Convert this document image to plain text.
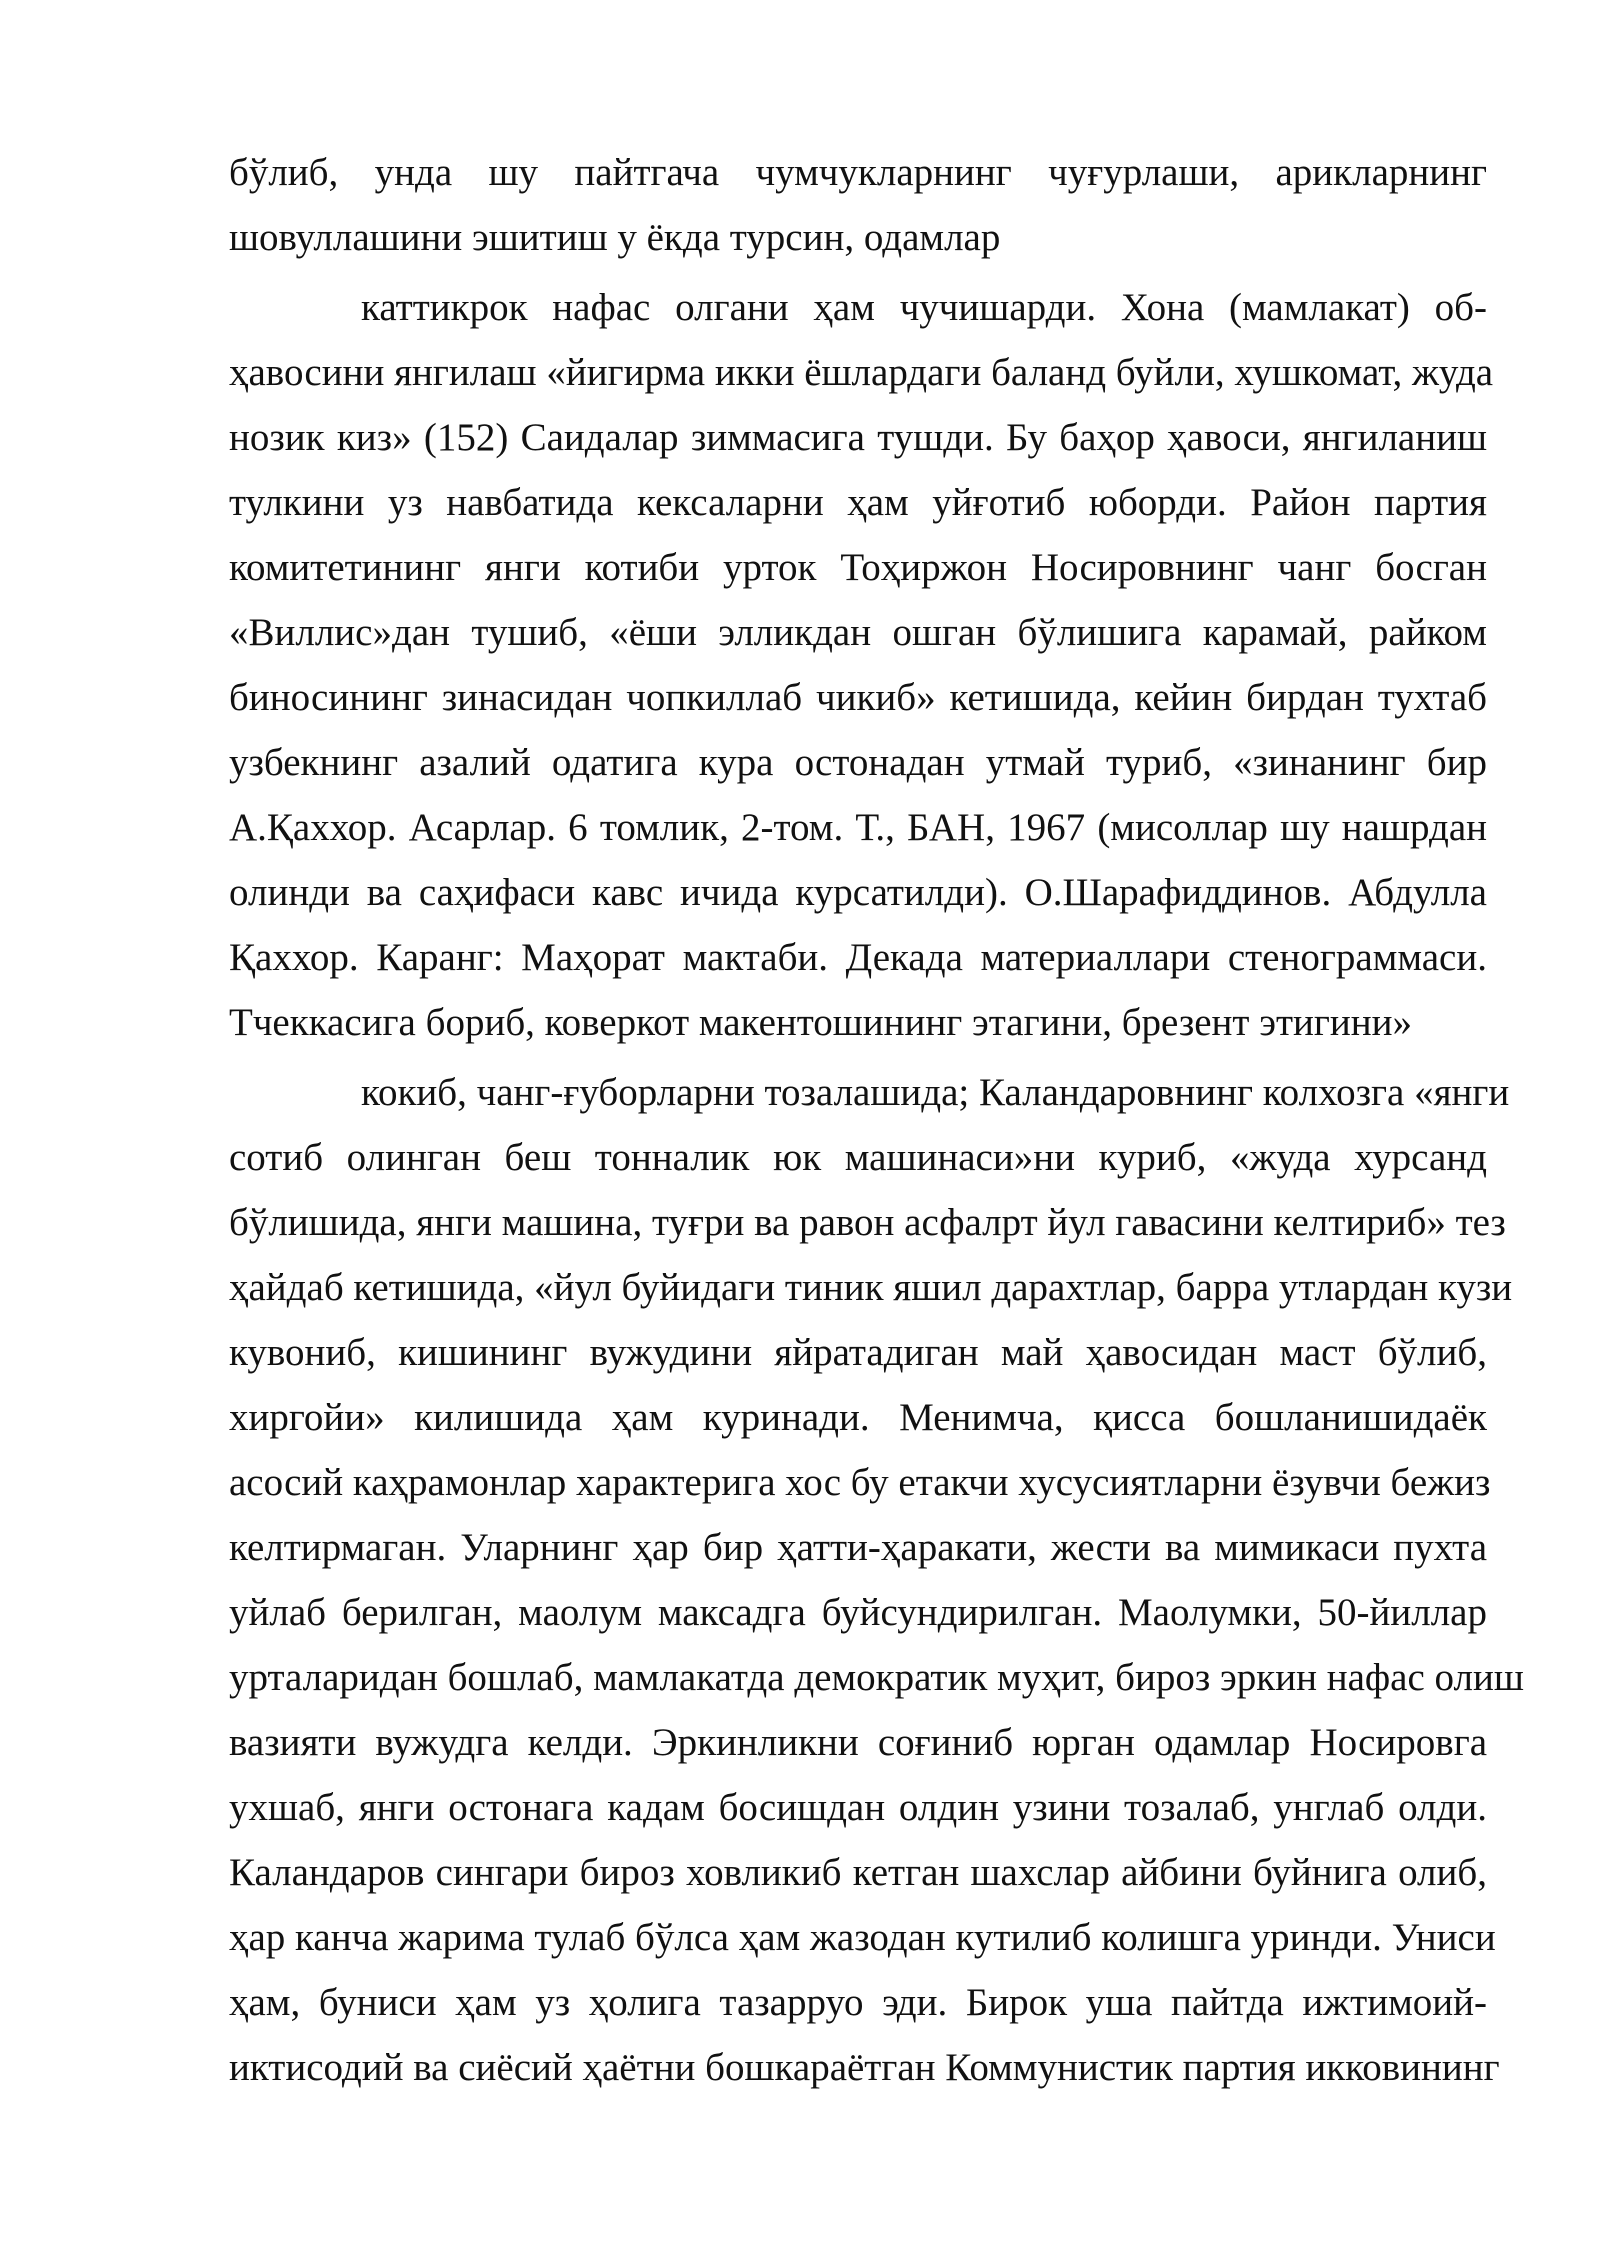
бўлиб, унда шу пайтгача чумчукларнинг чуғурлаши, арикларнинг
шовуллашини эшитиш у ёкда турсин, одамлар
каттикрок нафас олгани ҳам чучишарди. Хона (мамлакат) об-
ҳавосини янгилаш «йигирма икки ёшлардаги баланд буйли, хушкомат, жуда
нозик киз» (152) Саидалар зиммасига тушди. Бу баҳор ҳавоси, янгиланиш
тулкини уз навбатида кексаларни ҳам уйғотиб юборди. Район партия
комитетининг янги котиби урток Тоҳиржон Носировнинг чанг босган
«Виллис»дан тушиб, «ёши элликдан ошган бўлишига карамай, райком
биносининг зинасидан чопкиллаб чикиб» кетишида, кейин бирдан тухтаб
узбекнинг азалий одатига кура остонадан утмай туриб, «зинанинг бир
А.Қаххор. Асарлар. 6 томлик, 2-том. Т., БАН, 1967 (мисоллар шу нашрдан
олинди ва саҳифаси кавс ичида курсатилди). О.Шарафиддинов. Абдулла
Қаххор. Каранг: Маҳорат мактаби. Декада материаллари стенограммаси.
Тчеккасига бориб, коверкот макентошининг этагини, брезент этигини»
кокиб, чанг-ғуборларни тозалашида; Каландаровнинг колхозга «янги
сотиб олинган беш тонналик юк машинаси»ни куриб, «жуда хурсанд
бўлишида, янги машина, туғри ва равон асфалрт йул гавасини келтириб» тез
ҳайдаб кетишида, «йул буйидаги тиник яшил дарахтлар, барра утлардан кузи
кувониб, кишининг вужудини яйратадиган май ҳавосидан маст бўлиб,
хиргойи» килишида ҳам куринади. Менимча, қисса бошланишидаёк
асосий каҳрамонлар характерига хос бу етакчи хусусиятларни ёзувчи бежиз
келтирмаган. Уларнинг ҳар бир ҳатти-ҳаракати, жести ва мимикаси пухта
уйлаб берилган, маолум максадга буйсундирилган. Маолумки, 50-йиллар
урталаридан бошлаб, мамлакатда демократик муҳит, бироз эркин нафас олиш
вазияти вужудга келди. Эркинликни соғиниб юрган одамлар Носировга
ухшаб, янги остонага кадам босишдан олдин узини тозалаб, унглаб олди.
Каландаров сингари бироз ховликиб кетган шахслар айбини буйнига олиб,
ҳар канча жарима тулаб бўлса ҳам жазодан кутилиб колишга уринди. Униси
ҳам, буниси ҳам уз ҳолига тазарруо эди. Бирок уша пайтда ижтимоий-
иктисодий ва сиёсий ҳаётни бошкараётган Коммунистик партия икковининг
